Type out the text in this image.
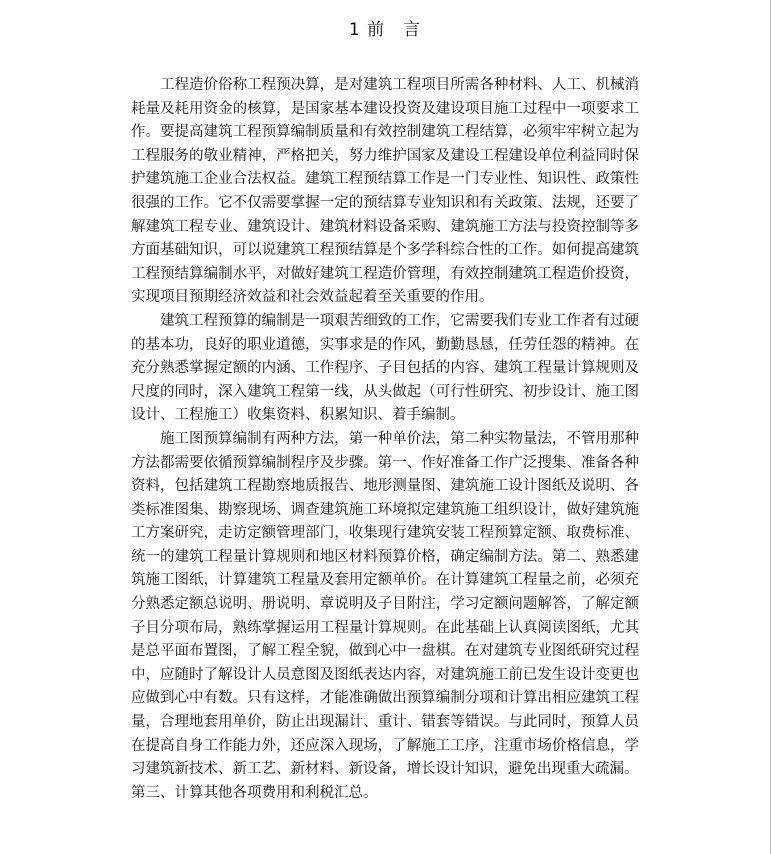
1 前　言

工程造价俗称工程预决算，是对建筑工程项目所需各种材料、人工、机械消耗量及耗用资金的核算，是国家基本建设投资及建设项目施工过程中一项要求工作。要提高建筑工程预算编制质量和有效控制建筑工程结算，必须牢牢树立起为工程服务的敬业精神，严格把关，努力维护国家及建设工程建设单位利益同时保护建筑施工企业合法权益。建筑工程预结算工作是一门专业性、知识性、政策性很强的工作。它不仅需要掌握一定的预结算专业知识和有关政策、法规，还要了解建筑工程专业、建筑设计、建筑材料设备采购、建筑施工方法与投资控制等多方面基础知识，可以说建筑工程预结算是个多学科综合性的工作。如何提高建筑工程预结算编制水平，对做好建筑工程造价管理，有效控制建筑工程造价投资，实现项目预期经济效益和社会效益起着至关重要的作用。

建筑工程预算的编制是一项艰苦细致的工作，它需要我们专业工作者有过硬的基本功，良好的职业道德，实事求是的作风，勤勤恳恳，任劳任怨的精神。在充分熟悉掌握定额的内涵、工作程序、子目包括的内容、建筑工程量计算规则及尺度的同时，深入建筑工程第一线，从头做起（可行性研究、初步设计、施工图设计、工程施工）收集资料、积累知识、着手编制。

施工图预算编制有两种方法，第一种单价法，第二种实物量法，不管用那种方法都需要依循预算编制程序及步骤。第一、作好准备工作广泛搜集、准备各种资料，包括建筑工程勘察地质报告、地形测量图、建筑施工设计图纸及说明、各类标准图集、勘察现场、调查建筑施工环境拟定建筑施工组织设计，做好建筑施工方案研究，走访定额管理部门，收集现行建筑安装工程预算定额、取费标准、统一的建筑工程量计算规则和地区材料预算价格，确定编制方法。第二、熟悉建筑施工图纸，计算建筑工程量及套用定额单价。在计算建筑工程量之前，必须充分熟悉定额总说明、册说明、章说明及子目附注，学习定额问题解答，了解定额子目分项布局，熟练掌握运用工程量计算规则。在此基础上认真阅读图纸，尤其是总平面布置图，了解工程全貌，做到心中一盘棋。在对建筑专业图纸研究过程中，应随时了解设计人员意图及图纸表达内容，对建筑施工前已发生设计变更也应做到心中有数。只有这样，才能准确做出预算编制分项和计算出相应建筑工程量，合理地套用单价，防止出现漏计、重计、错套等错误。与此同时，预算人员在提高自身工作能力外，还应深入现场，了解施工工序，注重市场价格信息，学习建筑新技术、新工艺、新材料、新设备，增长设计知识，避免出现重大疏漏。

第三、计算其他各项费用和利税汇总。
